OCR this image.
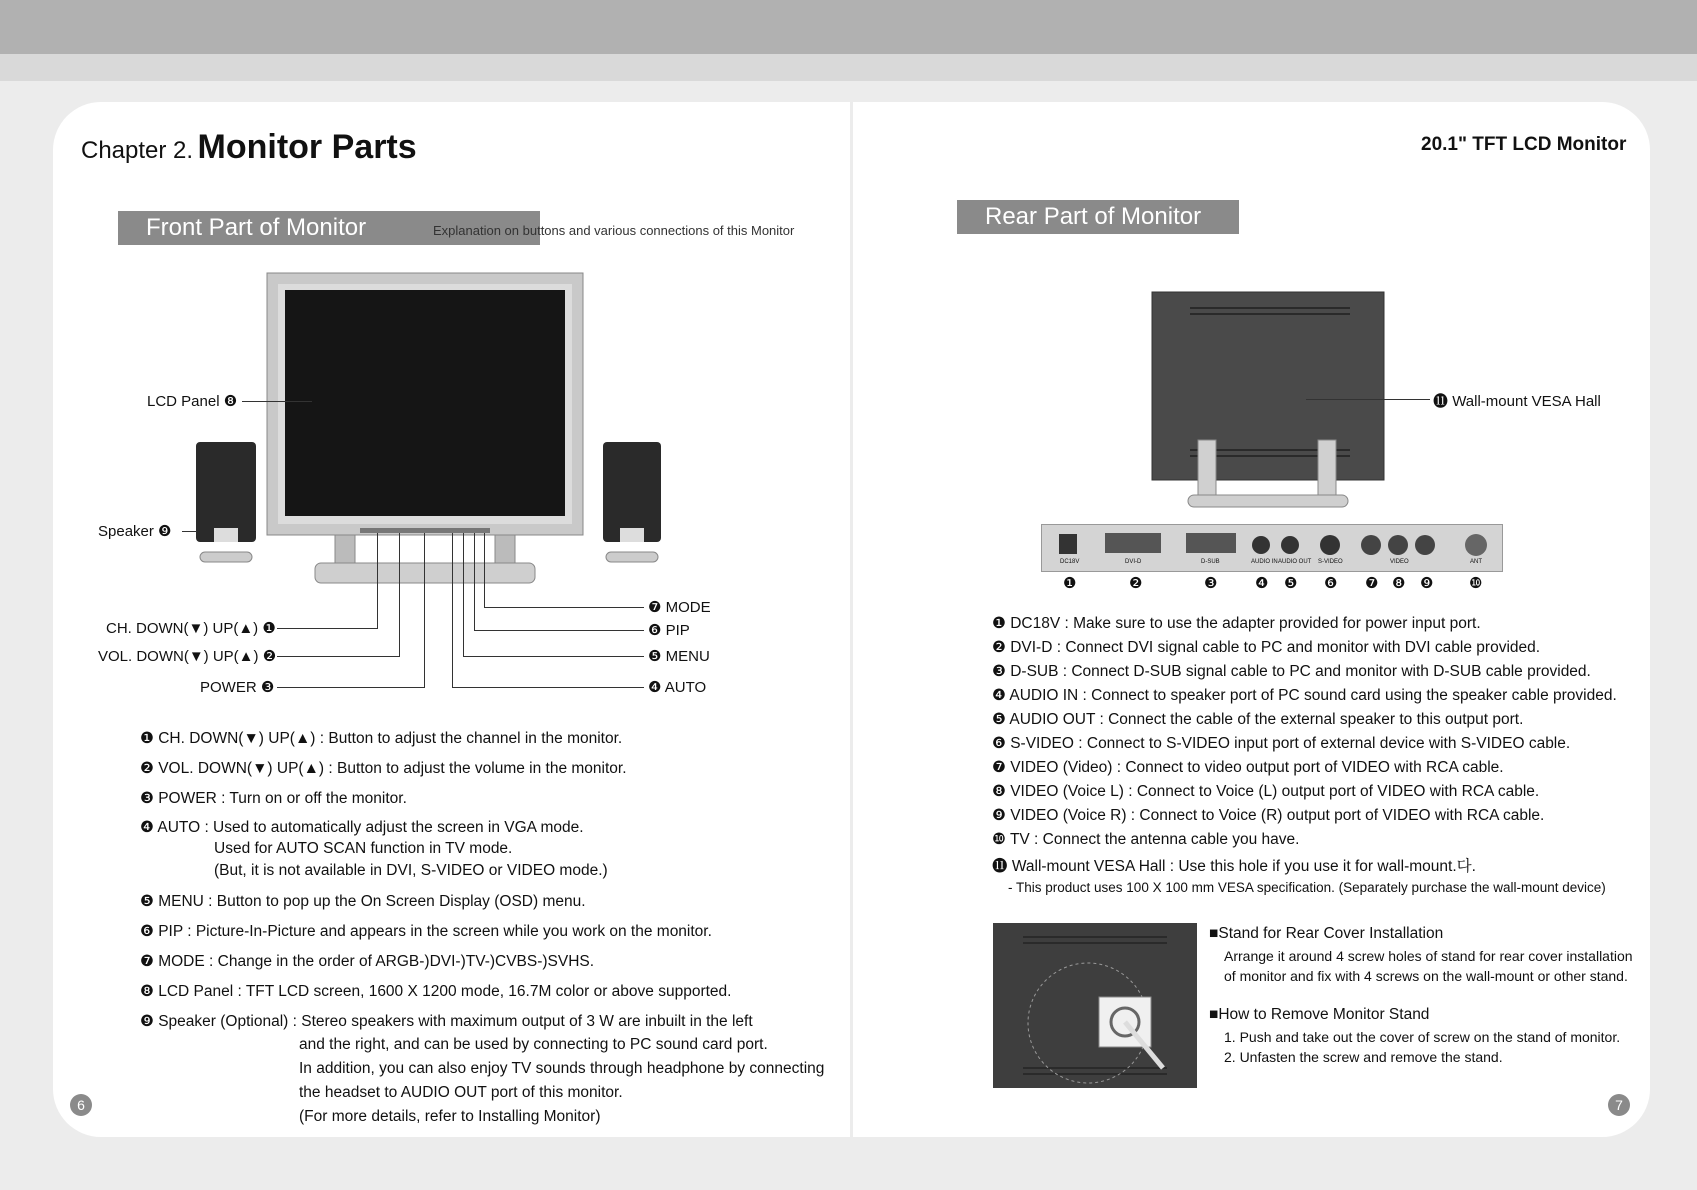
Chapter 2. Monitor Parts
Front Part of Monitor	Explanation on buttons and various connections of this Monitor
LCD Panel ❽
Speaker ❾
CH. DOWN(▼) UP(▲) ❶
VOL. DOWN(▼) UP(▲) ❷
POWER ❸
❼ MODE
❻ PIP
❺ MENU
❹ AUTO
❶ CH. DOWN(▼) UP(▲) : Button to adjust the channel in the monitor.
❷ VOL. DOWN(▼) UP(▲) : Button to adjust the volume in the monitor.
❸ POWER : Turn on or off the monitor.
❹ AUTO : Used to automatically adjust the screen in VGA mode.
Used for AUTO SCAN function in TV mode.
(But, it is not available in DVI, S-VIDEO or VIDEO mode.)
❺ MENU : Button to pop up the On Screen Display (OSD) menu.
❻ PIP : Picture-In-Picture and appears in the screen while you work on the monitor.
❼ MODE : Change in the order of ARGB-)DVI-)TV-)CVBS-)SVHS.
❽ LCD Panel : TFT LCD screen, 1600 X 1200 mode, 16.7M color or above supported.
❾ Speaker (Optional) : Stereo speakers with maximum output of 3 W are inbuilt in the left
and the right, and can be used by connecting to PC sound card port.
In addition, you can also enjoy TV sounds through headphone by connecting
the headset to AUDIO OUT port of this monitor.
(For more details, refer to Installing Monitor)
6
20.1" TFT LCD Monitor
Rear Part of Monitor
⓫ Wall-mount VESA Hall
DC18V	DVI-D	D-SUB	AUDIO IN AUDIO OUT S-VIDEO	VIDEO	ANT
❶	❷	❸	❹ ❺ ❻ ❼ ❽ ❾ ❿
❶ DC18V : Make sure to use the adapter provided for power input port.
❷ DVI-D : Connect DVI signal cable to PC and monitor with DVI cable provided.
❸ D-SUB : Connect D-SUB signal cable to PC and monitor with D-SUB cable provided.
❹ AUDIO IN : Connect to speaker port of PC sound card using the speaker cable provided.
❺ AUDIO OUT : Connect the cable of the external speaker to this output port.
❻ S-VIDEO : Connect to S-VIDEO input port of external device with S-VIDEO cable.
❼ VIDEO (Video) : Connect to video output port of VIDEO with RCA cable.
❽ VIDEO (Voice L) : Connect to Voice (L) output port of VIDEO with RCA cable.
❾ VIDEO (Voice R) : Connect to Voice (R) output port of VIDEO with RCA cable.
❿ TV : Connect the antenna cable you have.
⓫ Wall-mount VESA Hall : Use this hole if you use it for wall-mount.다.
- This product uses 100 X 100 mm VESA specification. (Separately purchase the wall-mount device)
■Stand for Rear Cover Installation
Arrange it around 4 screw holes of stand for rear cover installation
of monitor and fix with 4 screws on the wall-mount or other stand.
■How to Remove Monitor Stand
1. Push and take out the cover of screw on the stand of monitor.
2. Unfasten the screw and remove the stand.
7
